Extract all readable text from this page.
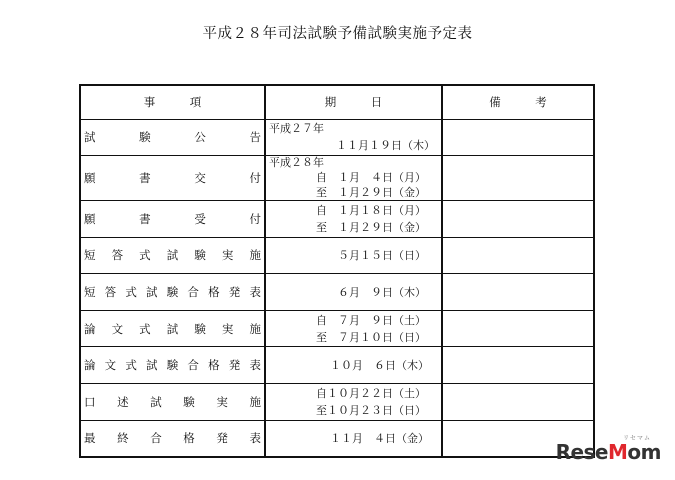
平成２８年司法試験予備試験実施予定表
事　　　項	期　　　日	備　　　考

試験公告	平成２７年
１１月１９日（木）	

願書交付	平成２８年
自　１月　４日（月）
至　１月２９日（金）	

願書受付	自　１月１８日（月）
至　１月２９日（金）	

短答式試験実施	５月１５日（日）	

短答式試験合格発表	６月　９日（木）	

論文式試験実施	自　７月　９日（土）
至　７月１０日（日）	

論文式試験合格発表	１０月　６日（木）	

口述試験実施	自１０月２２日（土）
至１０月２３日（日）	

最終合格発表	１１月　４日（金）	
		リセマム
ReseMom
